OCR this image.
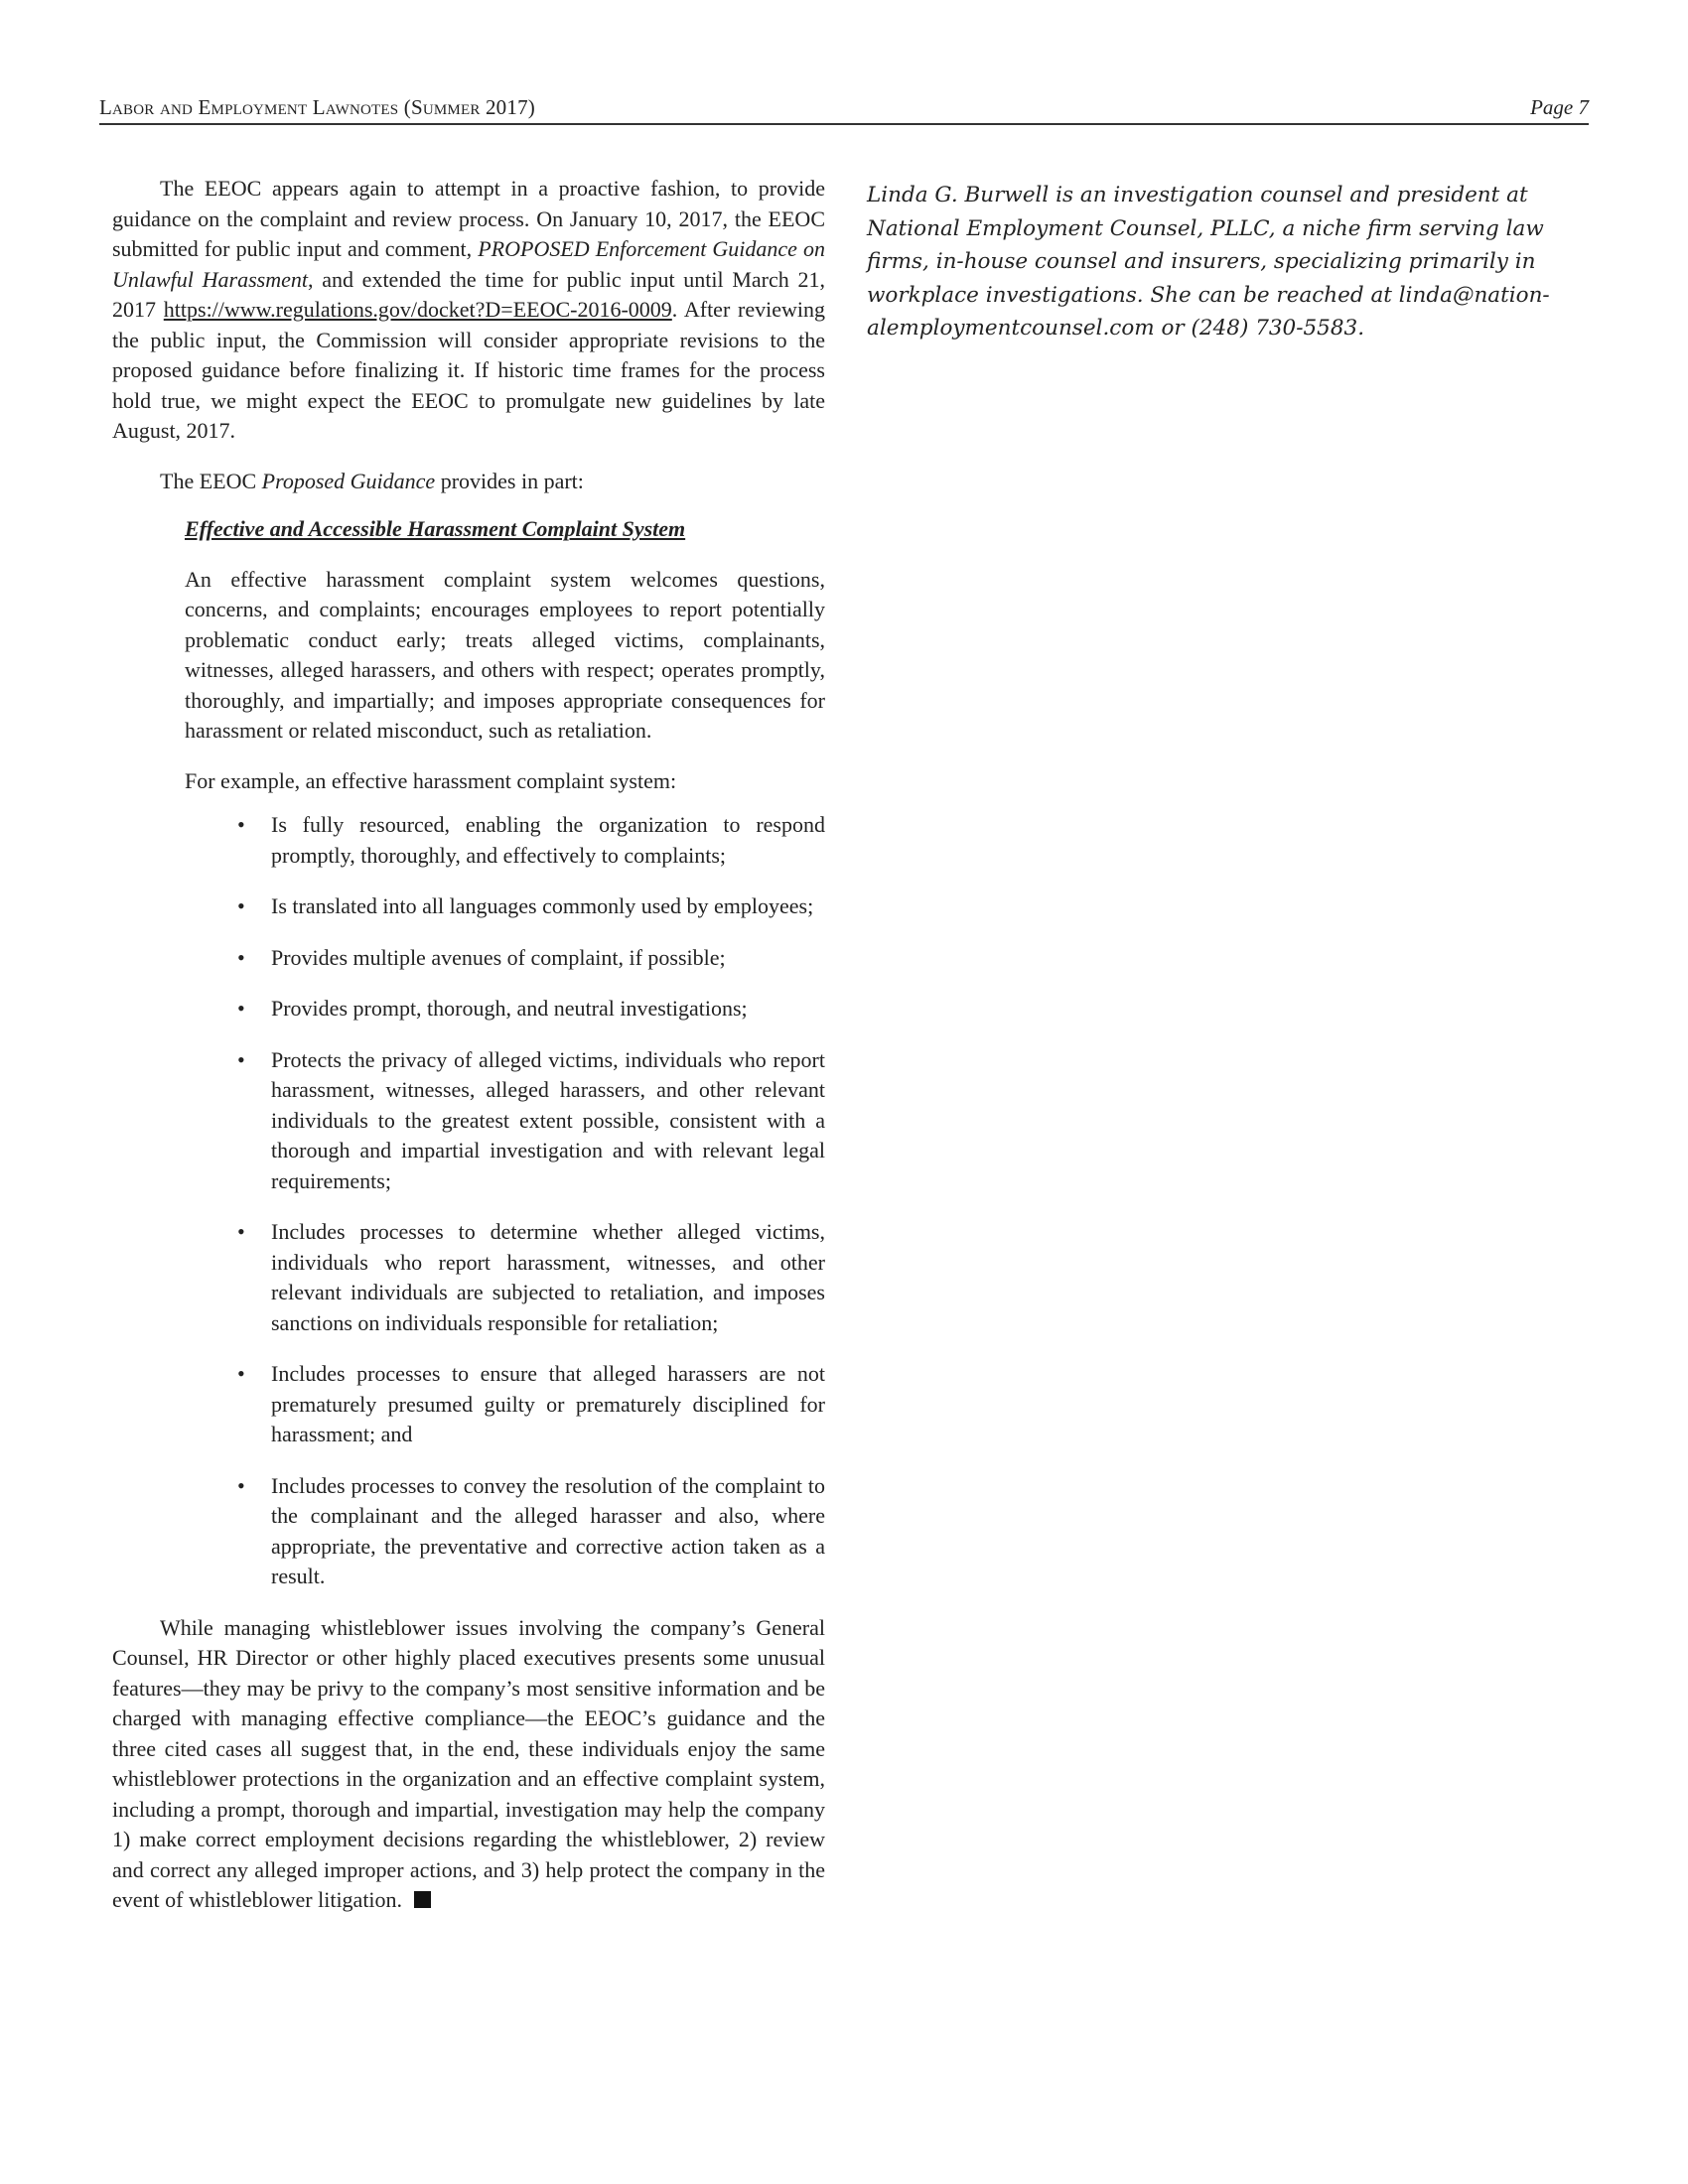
Labor and Employment Lawnotes (Summer 2017)	Page 7

The EEOC appears again to attempt in a proactive fashion, to provide guidance on the complaint and review process. On January 10, 2017, the EEOC submitted for public input and comment, PROPOSED Enforcement Guidance on Unlawful Harassment, and extended the time for public input until March 21, 2017 https://www.regulations.gov/docket?D=EEOC-2016-0009. After reviewing the public input, the Commission will consider appropriate revisions to the proposed guidance before finalizing it. If historic time frames for the process hold true, we might expect the EEOC to promulgate new guidelines by late August, 2017.

The EEOC Proposed Guidance provides in part:

Effective and Accessible Harassment Complaint System

An effective harassment complaint system welcomes questions, concerns, and complaints; encourages employees to report potentially problematic conduct early; treats alleged victims, complainants, witnesses, alleged harassers, and others with respect; operates promptly, thoroughly, and impartially; and imposes appropriate consequences for harassment or related misconduct, such as retaliation.

For example, an effective harassment complaint system:

• Is fully resourced, enabling the organization to respond promptly, thoroughly, and effectively to complaints;
• Is translated into all languages commonly used by employees;
• Provides multiple avenues of complaint, if possible;
• Provides prompt, thorough, and neutral investigations;
• Protects the privacy of alleged victims, individuals who report harassment, witnesses, alleged harassers, and other relevant individuals to the greatest extent possible, consistent with a thorough and impartial investigation and with relevant legal requirements;
• Includes processes to determine whether alleged victims, individuals who report harassment, witnesses, and other relevant individuals are subjected to retaliation, and imposes sanctions on individuals responsible for retaliation;
• Includes processes to ensure that alleged harassers are not prematurely presumed guilty or prematurely disciplined for harassment; and
• Includes processes to convey the resolution of the complaint to the complainant and the alleged harasser and also, where appropriate, the preventative and corrective action taken as a result.

While managing whistleblower issues involving the company’s General Counsel, HR Director or other highly placed executives presents some unusual features—they may be privy to the company’s most sensitive information and be charged with managing effective compliance—the EEOC’s guidance and the three cited cases all suggest that, in the end, these individuals enjoy the same whistleblower protections in the organization and an effective complaint system, including a prompt, thorough and impartial, investigation may help the company 1) make correct employment decisions regarding the whistleblower, 2) review and correct any alleged improper actions, and 3) help protect the company in the event of whistleblower litigation.

Linda G. Burwell is an investigation counsel and president at National Employment Counsel, PLLC, a niche firm serving law firms, in-house counsel and insurers, specializing primarily in workplace investigations. She can be reached at linda@nation-alemploymentcounsel.com or (248) 730-5583.
